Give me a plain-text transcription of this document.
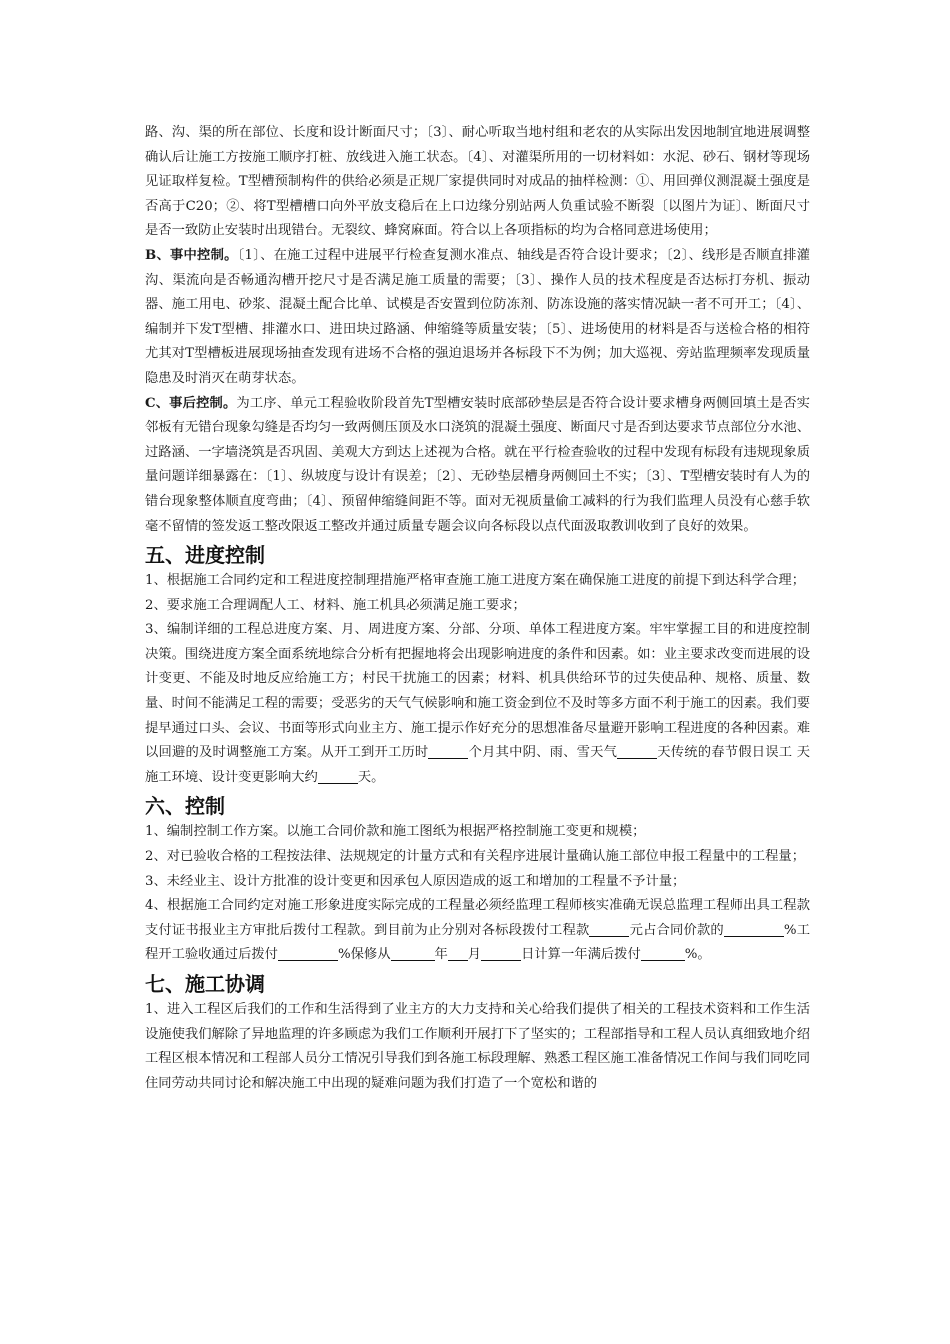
路、沟、渠的所在部位、长度和设计断面尺寸；〔3〕、耐心听取当地村组和老农的从实际出发因地制宜地进展调整确认后让施工方按施工顺序打桩、放线进入施工状态。〔4〕、对灌渠所用的一切材料如：水泥、砂石、钢材等现场见证取样复检。T型槽预制构件的供给必须是正规厂家提供同时对成品的抽样检测：①、用回弹仪测混凝土强度是否高于C20；②、将T型槽槽口向外平放支稳后在上口边缘分别站两人负重试验不断裂〔以图片为证〕、断面尺寸是否一致防止安装时出现错台。无裂纹、蜂窝麻面。符合以上各项指标的均为合格同意进场使用；

B、事中控制。〔1〕、在施工过程中进展平行检查复测水准点、轴线是否符合设计要求；〔2〕、线形是否顺直排灌沟、渠流向是否畅通沟槽开挖尺寸是否满足施工质量的需要；〔3〕、操作人员的技术程度是否达标打夯机、振动器、施工用电、砂浆、混凝土配合比单、试模是否安置到位防冻剂、防冻设施的落实情况缺一者不可开工；〔4〕、编制并下发T型槽、排灌水口、进田块过路涵、伸缩缝等质量安装；〔5〕、进场使用的材料是否与送检合格的相符尤其对T型槽板进展现场抽查发现有进场不合格的强迫退场并各标段下不为例；加大巡视、旁站监理频率发现质量隐患及时消灭在萌芽状态。

C、事后控制。为工序、单元工程验收阶段首先T型槽安装时底部砂垫层是否符合设计要求槽身两侧回填土是否实邻板有无错台现象勾缝是否均匀一致两侧压顶及水口浇筑的混凝土强度、断面尺寸是否到达要求节点部位分水池、过路涵、一字墙浇筑是否巩固、美观大方到达上述视为合格。就在平行检查验收的过程中发现有标段有违规现象质量问题详细暴露在：〔1〕、纵坡度与设计有误差；〔2〕、无砂垫层槽身两侧回土不实；〔3〕、T型槽安装时有人为的错台现象整体顺直度弯曲；〔4〕、预留伸缩缝间距不等。面对无视质量偷工减料的行为我们监理人员没有心慈手软毫不留情的签发返工整改限返工整改并通过质量专题会议向各标段以点代面汲取教训收到了良好的效果。

五、进度控制

1、根据施工合同约定和工程进度控制理措施严格审查施工施工进度方案在确保施工进度的前提下到达科学合理；

2、要求施工合理调配人工、材料、施工机具必须满足施工要求；

3、编制详细的工程总进度方案、月、周进度方案、分部、分项、单体工程进度方案。牢牢掌握工目的和进度控制决策。围绕进度方案全面系统地综合分析有把握地将会出现影响进度的条件和因素。如：业主要求改变而进展的设计变更、不能及时地反应给施工方；村民干扰施工的因素；材料、机具供给环节的过失使品种、规格、质量、数量、时间不能满足工程的需要；受恶劣的天气气候影响和施工资金到位不及时等多方面不利于施工的因素。我们要提早通过口头、会议、书面等形式向业主方、施工提示作好充分的思想准备尽量避开影响工程进度的各种因素。难以回避的及时调整施工方案。从开工到开工历时	个月其中阴、雨、雪天气	天传统的春节假日误工 天施工环境、设计变更影响大约	天。

六、控制

1、编制控制工作方案。以施工合同价款和施工图纸为根据严格控制施工变更和规模；

2、对已验收合格的工程按法律、法规规定的计量方式和有关程序进展计量确认施工部位申报工程量中的工程量；

3、未经业主、设计方批准的设计变更和因承包人原因造成的返工和增加的工程量不予计量；

4、根据施工合同约定对施工形象进度实际完成的工程量必须经监理工程师核实准确无误总监理工程师出具工程款支付证书报业主方审批后拨付工程款。到目前为止分别对各标段拨付工程款	元占合同价款的	%工程开工验收通过后拨付	%保修从	年 月	日计算一年满后拨付	%。

七、施工协调

1、进入工程区后我们的工作和生活得到了业主方的大力支持和关心给我们提供了相关的工程技术资料和工作生活设施使我们解除了异地监理的许多顾虑为我们工作顺利开展打下了坚实的；工程部指导和工程人员认真细致地介绍工程区根本情况和工程部人员分工情况引导我们到各施工标段理解、熟悉工程区施工准备情况工作间与我们同吃同住同劳动共同讨论和解决施工中出现的疑难问题为我们打造了一个宽松和谐的
